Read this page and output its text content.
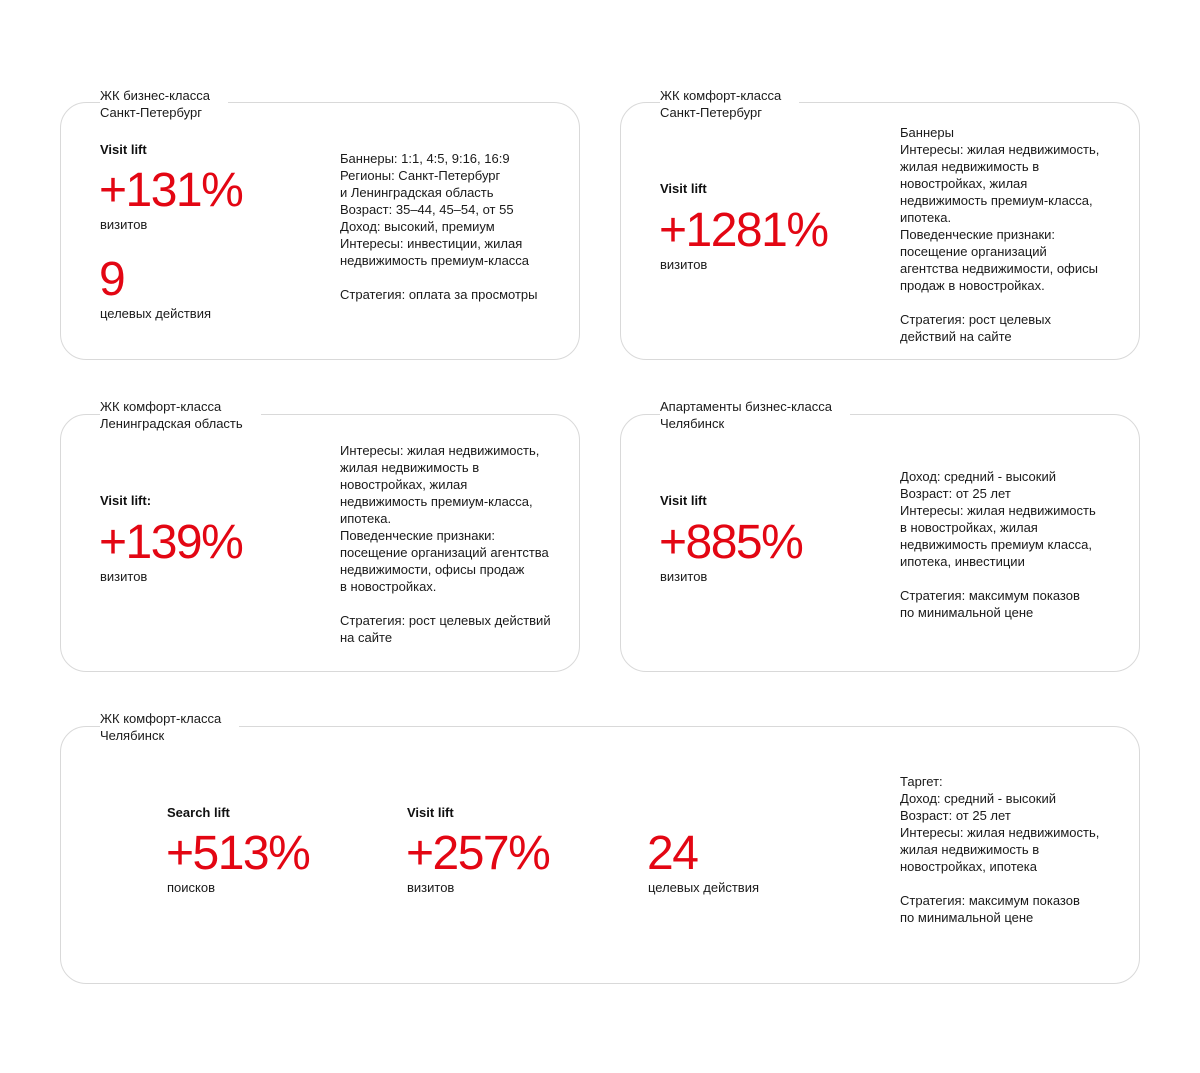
ЖК бизнес-класса
Санкт-Петербург
Visit lift
+131%
визитов
9
целевых действия
Баннеры: 1:1, 4:5, 9:16, 16:9
Регионы: Санкт-Петербург
и Ленинградская область
Возраст: 35–44, 45–54, от 55
Доход: высокий, премиум
Интересы: инвестиции, жилая
недвижимость премиум-класса

Стратегия: оплата за просмотры
ЖК комфорт-класса
Санкт-Петербург
Visit lift
+1281%
визитов
Баннеры
Интересы: жилая недвижимость,
жилая недвижимость в
новостройках, жилая
недвижимость премиум-класса,
ипотека.
Поведенческие признаки:
посещение организаций
агентства недвижимости, офисы
продаж в новостройках.

Стратегия: рост целевых
действий на сайте
ЖК комфорт-класса
Ленинградская область
Visit lift:
+139%
визитов
Интересы: жилая недвижимость,
жилая недвижимость в
новостройках, жилая
недвижимость премиум-класса,
ипотека.
Поведенческие признаки:
посещение организаций агентства
недвижимости, офисы продаж
в новостройках.

Стратегия: рост целевых действий
на сайте
Апартаменты бизнес-класса
Челябинск
Visit lift
+885%
визитов
Доход: средний - высокий
Возраст: от 25 лет
Интересы: жилая недвижимость
в новостройках, жилая
недвижимость премиум класса,
ипотека, инвестиции

Стратегия: максимум показов
по минимальной цене
ЖК комфорт-класса
Челябинск
Search lift
+513%
поисков
Visit lift
+257%
визитов
24
целевых действия
Таргет:
Доход: средний - высокий
Возраст: от 25 лет
Интересы: жилая недвижимость,
жилая недвижимость в
новостройках, ипотека

Стратегия: максимум показов
по минимальной цене
